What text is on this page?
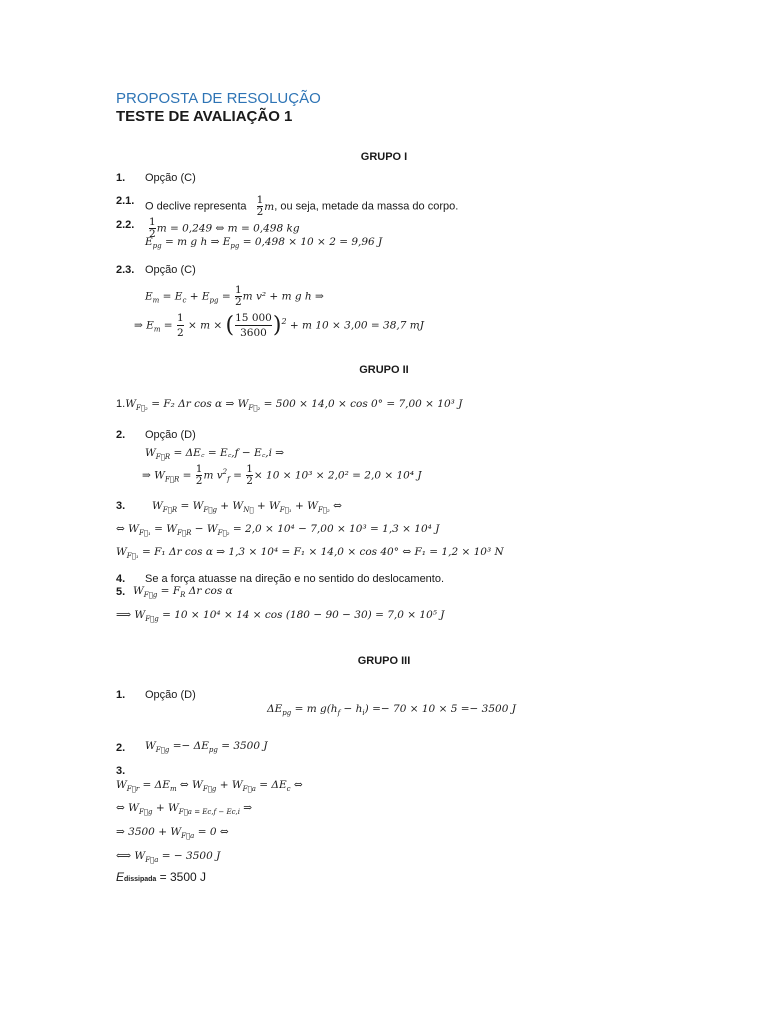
PROPOSTA DE RESOLUÇÃO
TESTE DE AVALIAÇÃO 1
GRUPO I
1. Opção (C)
2.1. O declive representa $\frac{1}{2} m$, ou seja, metade da massa do corpo.
2.2. $\frac{1}{2}$ m = 0,249 ⇔ m = 0,498 kg
$E_{pg} = m$ g h ⇒ $E_{pg} = 0,498 \times 10 \times 2 = 9,96$ J
2.3. Opção (C)
$E_m = E_c + E_{pg} = \frac{1}{2}$ m v² + m g h ⇒
⇒ $E_m = \frac{1}{2} \times m$ × ( $\frac{15 000}{3600} )^2 + m$ 10 × 3,00 = 38,7 mJ
GRUPO II
$1.W_{F⃗_2} = F_2$ Δr cos α ⇒ $W_{F⃗_2} = 500 \times 14,0 \times \cos 0^\circ = 7,00 \times 10^3$ J
2. Opção (D)
$W_{F⃗R}$ = ΔE꜀ = E꜀,f − E꜀,i ⇒
⇒ $W_{F⃗R} = \frac{1}{2}$ m $v^2_f = \frac{1}{2} \times 10 \times 10^3 \times 2,0^2 = 2,0 \times 10^4$ J
3.	$W_{F⃗R} = W_{F⃗g} + W_{N⃗} + W_{F⃗_1} + W_{F⃗_2}$ ⇔
⇔ $W_{F⃗_1} = W_{F⃗R} - W_{F⃗_2} = 2,0 \times 10^4 - 7,00 \times 10^3 = 1,3 \times 10^4$ J
$W_{F⃗_1} = F_1$ Δr cos α ⇒ 1,3 × 10⁴ = F₁ × 14,0 × cos 40° ⇔ F₁ = 1,2 × 10³ N
4. Se a força atuasse na direção e no sentido do deslocamento.
5. $W_{F⃗g} = F_R$ Δr cos α
⟹ $W_{F⃗g} = 10 \times 10^4 \times 14 \times \cos (180 - 90 - 30) = 7,0 \times 10^5$ J
GRUPO III
1. Opção (D)
$\Delta E_{pg} = m$ $g(h_f - h_i) =- 70 \times 10 \times 5 =- 3500$ J
2. $W_{F⃗g} =- \Delta E_{pg} = 3500$ J
3.
$W_{F⃗r} = \Delta E_m$ ⇔ $W_{F⃗g} + W_{F⃗a} = \Delta E_c$ ⇔
⇔ $W_{F⃗g} + W_{F⃗a = Ec,f - Ec,i}$ ⇒
⇒ $3500 + W_{F⃗a} = 0$ ⇔
⟺ $W_{F⃗a}$ = − 3500 J
Edissipada = 3500 J
